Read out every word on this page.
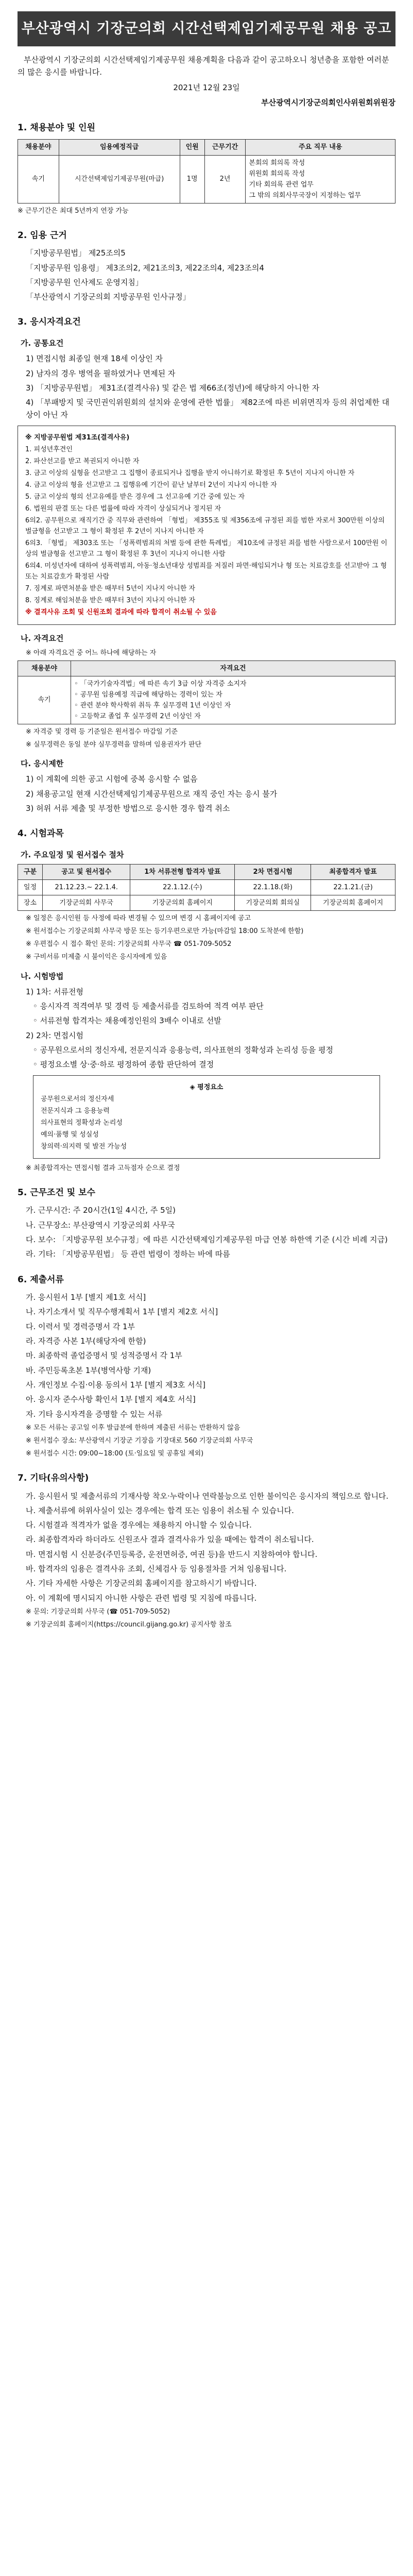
부산광역시 기장군의회 시간선택제임기제공무원 채용 공고

부산광역시 기장군의회 시간선택제임기제공무원 채용계획을 다음과 같이 공고하오니 청년층을 포함한 여러분의 많은 응시를 바랍니다.

2021년 12월 23일
부산광역시기장군의회인사위원회위원장
1. 채용분야 및 인원
채용분야	임용예정직급	인원	근무기간	주요 직무 내용
속기	시간선택제임기제공무원(마급)	1명	2년	본회의 회의록 작성
위원회 회의록 작성
기타 회의록 관련 업무
그 밖의 의회사무국장이 지정하는 업무

※ 근무기간은 최대 5년까지 연장 가능

2. 임용 근거

「지방공무원법」 제25조의5

「지방공무원 임용령」 제3조의2, 제21조의3, 제22조의4, 제23조의4

「지방공무원 인사제도 운영지침」

「부산광역시 기장군의회 지방공무원 인사규정」

3. 응시자격요건
가. 공통요건

1) 면접시험 최종일 현재 18세 이상인 자

2) 남자의 경우 병역을 필하였거나 면제된 자

3) 「지방공무원법」 제31조(결격사유) 및 같은 법 제66조(정년)에 해당하지 아니한 자

4) 「부패방지 및 국민권익위원회의 설치와 운영에 관한 법률」 제82조에 따른 비위면직자 등의 취업제한 대상이 아닌 자

※ 지방공무원법 제31조(결격사유)

1. 피성년후견인

2. 파산선고를 받고 복권되지 아니한 자

3. 금고 이상의 실형을 선고받고 그 집행이 종료되거나 집행을 받지 아니하기로 확정된 후 5년이 지나지 아니한 자

4. 금고 이상의 형을 선고받고 그 집행유예 기간이 끝난 날부터 2년이 지나지 아니한 자

5. 금고 이상의 형의 선고유예를 받은 경우에 그 선고유예 기간 중에 있는 자

6. 법원의 판결 또는 다른 법률에 따라 자격이 상실되거나 정지된 자

6의2. 공무원으로 재직기간 중 직무와 관련하여 「형법」 제355조 및 제356조에 규정된 죄를 범한 자로서 300만원 이상의 벌금형을 선고받고 그 형이 확정된 후 2년이 지나지 아니한 자

6의3. 「형법」 제303조 또는 「성폭력범죄의 처벌 등에 관한 특례법」 제10조에 규정된 죄를 범한 사람으로서 100만원 이상의 벌금형을 선고받고 그 형이 확정된 후 3년이 지나지 아니한 사람

6의4. 미성년자에 대하여 성폭력범죄, 아동·청소년대상 성범죄를 저질러 파면·해임되거나 형 또는 치료감호를 선고받아 그 형 또는 치료감호가 확정된 사람

7. 징계로 파면처분을 받은 때부터 5년이 지나지 아니한 자

8. 징계로 해임처분을 받은 때부터 3년이 지나지 아니한 자

※ 결격사유 조회 및 신원조회 결과에 따라 합격이 취소될 수 있음

나. 자격요건

※ 아래 자격요건 중 어느 하나에 해당하는 자

채용분야	자격요건
속기	◦ 「국가기술자격법」에 따른 속기 3급 이상 자격증 소지자
◦ 공무원 임용예정 직급에 해당하는 경력이 있는 자
◦ 관련 분야 학사학위 취득 후 실무경력 1년 이상인 자
◦ 고등학교 졸업 후 실무경력 2년 이상인 자

※ 자격증 및 경력 등 기준일은 원서접수 마감일 기준

※ 실무경력은 동일 분야 실무경력을 말하며 임용권자가 판단

다. 응시제한

1) 이 계획에 의한 공고 시험에 중복 응시할 수 없음

2) 채용공고일 현재 시간선택제임기제공무원으로 재직 중인 자는 응시 불가

3) 허위 서류 제출 및 부정한 방법으로 응시한 경우 합격 취소

4. 시험과목
가. 주요일정 및 원서접수 절차
구분	공고 및 원서접수	1차 서류전형 합격자 발표	2차 면접시험	최종합격자 발표
일정	21.12.23.~ 22.1.4.	22.1.12.(수)	22.1.18.(화)	22.1.21.(금)
장소	기장군의회 사무국	기장군의회 홈페이지	기장군의회 회의실	기장군의회 홈페이지

※ 일정은 응시인원 등 사정에 따라 변경될 수 있으며 변경 시 홈페이지에 공고

※ 원서접수는 기장군의회 사무국 방문 또는 등기우편으로만 가능(마감일 18:00 도착분에 한함)

※ 우편접수 시 접수 확인 문의: 기장군의회 사무국 ☎ 051-709-5052

※ 구비서류 미제출 시 불이익은 응시자에게 있음

나. 시험방법

1) 1차: 서류전형

◦ 응시자격 적격여부 및 경력 등 제출서류를 검토하여 적격 여부 판단

◦ 서류전형 합격자는 채용예정인원의 3배수 이내로 선발

2) 2차: 면접시험

◦ 공무원으로서의 정신자세, 전문지식과 응용능력, 의사표현의 정확성과 논리성 등을 평정

◦ 평정요소별 상·중·하로 평정하여 종합 판단하여 결정

◈ 평정요소

공무원으로서의 정신자세

전문지식과 그 응용능력

의사표현의 정확성과 논리성

예의·품행 및 성실성

창의력·의지력 및 발전 가능성

※ 최종합격자는 면접시험 결과 고득점자 순으로 결정

5. 근무조건 및 보수

가. 근무시간: 주 20시간(1일 4시간, 주 5일)

나. 근무장소: 부산광역시 기장군의회 사무국

다. 보수: 「지방공무원 보수규정」에 따른 시간선택제임기제공무원 마급 연봉 하한액 기준 (시간 비례 지급)

라. 기타: 「지방공무원법」 등 관련 법령이 정하는 바에 따름

6. 제출서류

가. 응시원서 1부 [별지 제1호 서식]

나. 자기소개서 및 직무수행계획서 1부 [별지 제2호 서식]

다. 이력서 및 경력증명서 각 1부

라. 자격증 사본 1부(해당자에 한함)

마. 최종학력 졸업증명서 및 성적증명서 각 1부

바. 주민등록초본 1부(병역사항 기재)

사. 개인정보 수집·이용 동의서 1부 [별지 제3호 서식]

아. 응시자 준수사항 확인서 1부 [별지 제4호 서식]

자. 기타 응시자격을 증명할 수 있는 서류

※ 모든 서류는 공고일 이후 발급분에 한하며 제출된 서류는 반환하지 않음

※ 원서접수 장소: 부산광역시 기장군 기장읍 기장대로 560 기장군의회 사무국

※ 원서접수 시간: 09:00~18:00 (토·일요일 및 공휴일 제외)

7. 기타(유의사항)

가. 응시원서 및 제출서류의 기재사항 착오·누락이나 연락불능으로 인한 불이익은 응시자의 책임으로 합니다.

나. 제출서류에 허위사실이 있는 경우에는 합격 또는 임용이 취소될 수 있습니다.

다. 시험결과 적격자가 없을 경우에는 채용하지 아니할 수 있습니다.

라. 최종합격자라 하더라도 신원조사 결과 결격사유가 있을 때에는 합격이 취소됩니다.

마. 면접시험 시 신분증(주민등록증, 운전면허증, 여권 등)을 반드시 지참하여야 합니다.

바. 합격자의 임용은 결격사유 조회, 신체검사 등 임용절차를 거쳐 임용됩니다.

사. 기타 자세한 사항은 기장군의회 홈페이지를 참고하시기 바랍니다.

아. 이 계획에 명시되지 아니한 사항은 관련 법령 및 지침에 따릅니다.

※ 문의: 기장군의회 사무국 (☎ 051-709-5052)

※ 기장군의회 홈페이지(https://council.gijang.go.kr) 공지사항 참조
